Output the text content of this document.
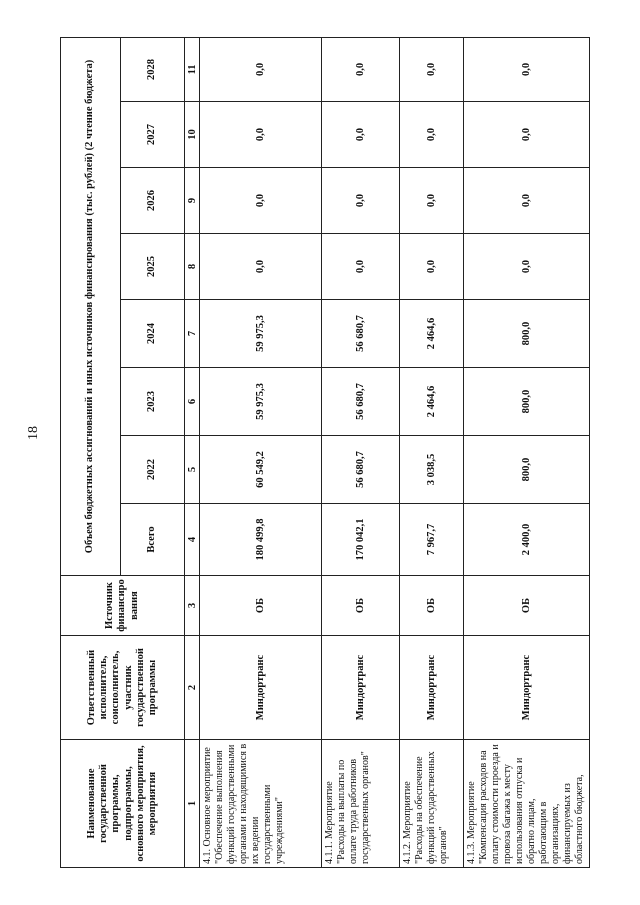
18
Наименование государственной программы, подпрограммы, основного мероприятия, мероприятия	Ответственный исполнитель, соисполнитель, участник государственной программы	Источник финансиро вания	Объем бюджетных ассигнований и иных источников финансирования (тыс. рублей) (2 чтение бюджета)							
			Всего	2022	2023	2024	2025	2026	2027	2028
1	2	3	4	5	6	7	8	9	10	11
4.1. Основное мероприятие "Обеспечение выполнения функций государственными органами и находящимися в их ведении государственными учреждениями"	Миндортранс	ОБ	180 499,8	60 549,2	59 975,3	59 975,3	0,0	0,0	0,0	0,0
4.1.1. Мероприятие "Расходы на выплаты по оплате труда работников государственных органов"	Миндортранс	ОБ	170 042,1	56 680,7	56 680,7	56 680,7	0,0	0,0	0,0	0,0
4.1.2. Мероприятие "Расходы на обеспечение функций государственных органов"	Миндортранс	ОБ	7 967,7	3 038,5	2 464,6	2 464,6	0,0	0,0	0,0	0,0
4.1.3. Мероприятие "Компенсация расходов на оплату стоимости проезда и провоза багажа к месту использования отпуска и обратно лицам, работающим в организациях, финансируемых из областного бюджета,	Миндортранс	ОБ	2 400,0	800,0	800,0	800,0	0,0	0,0	0,0	0,0
